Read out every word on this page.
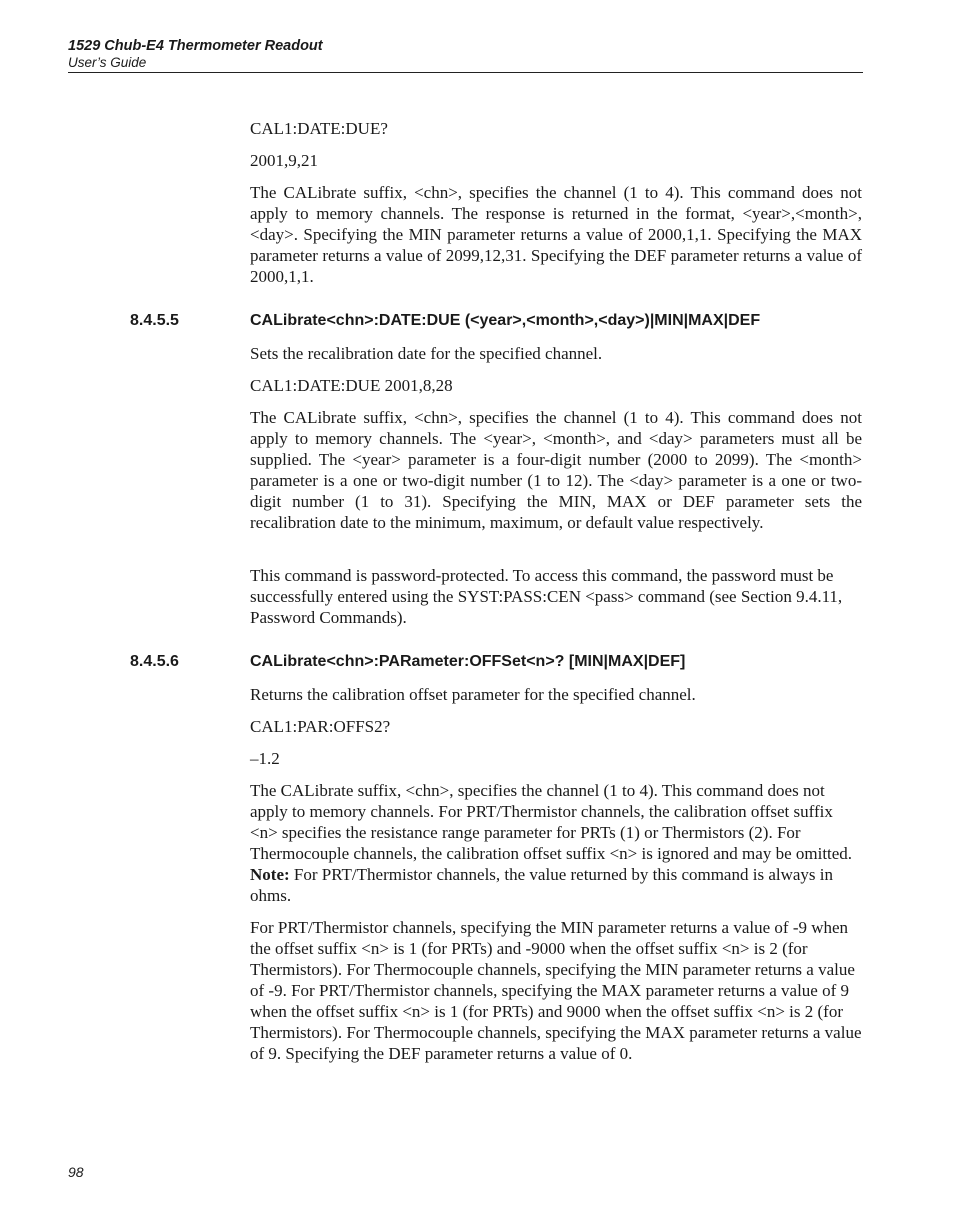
1529 Chub-E4 Thermometer Readout

User’s Guide

CAL1:DATE:DUE?

2001,9,21

The CALibrate suffix, <chn>, specifies the channel (1 to 4). This command does not apply to memory channels. The response is returned in the format, <year>,<month>,<day>. Specifying the MIN parameter returns a value of 2000,1,1. Specifying the MAX parameter returns a value of 2099,12,31. Specifying the DEF parameter returns a value of 2000,1,1.

8.4.5.5	CALibrate<chn>:DATE:DUE (<year>,<month>,<day>)|MIN|MAX|DEF

Sets the recalibration date for the specified channel.

CAL1:DATE:DUE 2001,8,28

The CALibrate suffix, <chn>, specifies the channel (1 to 4). This command does not apply to memory channels. The <year>, <month>, and <day> parameters must all be supplied. The <year> parameter is a four-digit number (2000 to 2099). The <month> parameter is a one or two-digit number (1 to 12). The <day> parameter is a one or two-digit number (1 to 31). Specifying the MIN, MAX or DEF parameter sets the recalibration date to the minimum, maximum, or default value respectively.

This command is password-protected. To access this command, the password must be successfully entered using the SYST:PASS:CEN <pass> command (see Section 9.4.11, Password Commands).

8.4.5.6	CALibrate<chn>:PARameter:OFFSet<n>? [MIN|MAX|DEF]

Returns the calibration offset parameter for the specified channel.

CAL1:PAR:OFFS2?

–1.2

The CALibrate suffix, <chn>, specifies the channel (1 to 4). This command does not apply to memory channels. For PRT/Thermistor channels, the calibration offset suffix <n> specifies the resistance range parameter for PRTs (1) or Thermistors (2). For Thermocouple channels, the calibration offset suffix <n> is ignored and may be omitted. Note: For PRT/Thermistor channels, the value returned by this command is always in ohms.

For PRT/Thermistor channels, specifying the MIN parameter returns a value of -9 when the offset suffix <n> is 1 (for PRTs) and -9000 when the offset suffix <n> is 2 (for Thermistors). For Thermocouple channels, specifying the MIN parameter returns a value of -9. For PRT/Thermistor channels, specifying the MAX parameter returns a value of 9 when the offset suffix <n> is 1 (for PRTs) and 9000 when the offset suffix <n> is 2 (for Thermistors). For Thermocouple channels, specifying the MAX parameter returns a value of 9. Specifying the DEF parameter returns a value of 0.

98
